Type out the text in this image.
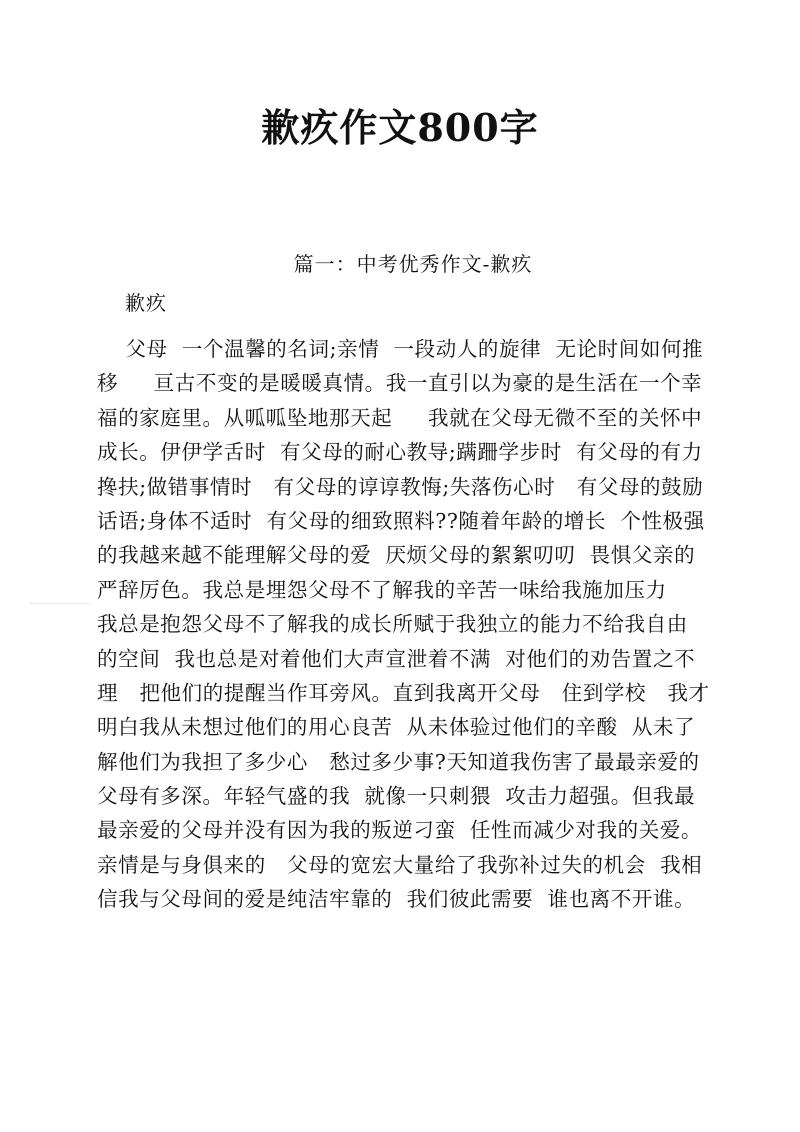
歉疚作文800字
篇一：中考优秀作文-歉疚
歉疚
父母  一个温馨的名词;亲情  一段动人的旋律  无论时间如何推
移     亘古不变的是暖暖真情。我一直引以为豪的是生活在一个幸
福的家庭里。从呱呱坠地那天起     我就在父母无微不至的关怀中
成长。伊伊学舌时  有父母的耐心教导;蹒跚学步时  有父母的有力
搀扶;做错事情时   有父母的谆谆教悔;失落伤心时   有父母的鼓励
话语;身体不适时  有父母的细致照料??随着年龄的增长  个性极强
的我越来越不能理解父母的爱  厌烦父母的絮絮叨叨  畏惧父亲的
严辞厉色。我总是埋怨父母不了解我的辛苦一味给我施加压力
我总是抱怨父母不了解我的成长所赋于我独立的能力不给我自由
的空间  我也总是对着他们大声宣泄着不满  对他们的劝告置之不
理   把他们的提醒当作耳旁风。直到我离开父母   住到学校   我才
明白我从未想过他们的用心良苦  从未体验过他们的辛酸  从未了
解他们为我担了多少心   愁过多少事?天知道我伤害了最最亲爱的
父母有多深。年轻气盛的我  就像一只刺猥  攻击力超强。但我最
最亲爱的父母并没有因为我的叛逆刁蛮  任性而减少对我的关爱。
亲情是与身俱来的   父母的宽宏大量给了我弥补过失的机会  我相
信我与父母间的爱是纯洁牢靠的  我们彼此需要  谁也离不开谁。
